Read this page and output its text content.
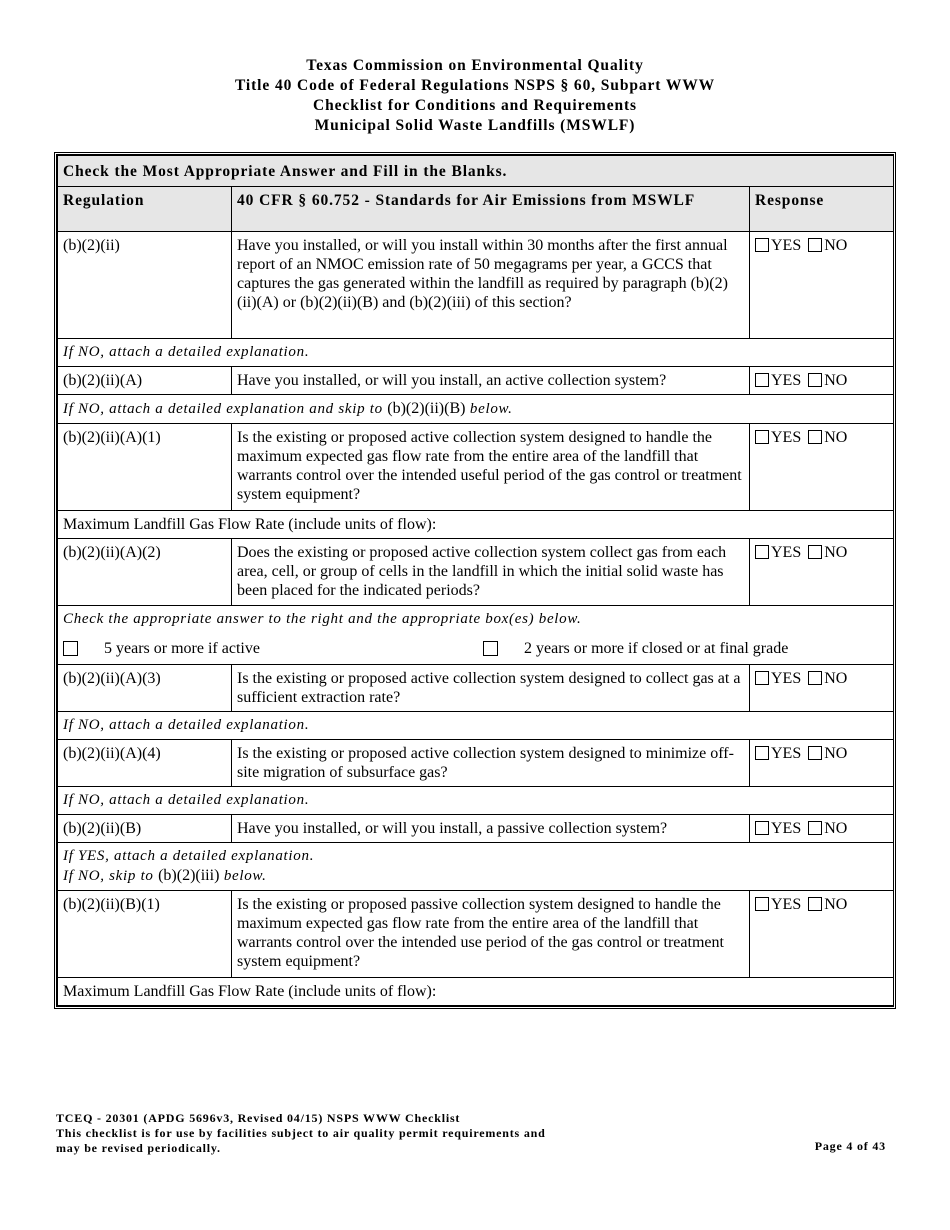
Texas Commission on Environmental Quality
Title 40 Code of Federal Regulations NSPS § 60, Subpart WWW
Checklist for Conditions and Requirements
Municipal Solid Waste Landfills (MSWLF)
Check the Most Appropriate Answer and Fill in the Blanks.		
Regulation	40 CFR § 60.752 - Standards for Air Emissions from MSWLF	Response
(b)(2)(ii)	Have you installed, or will you install within 30 months after the first annual report of an NMOC emission rate of 50 megagrams per year, a GCCS that captures the gas generated within the landfill as required by paragraph (b)(2)(ii)(A) or (b)(2)(ii)(B) and (b)(2)(iii) of this section?	YES NO
If NO, attach a detailed explanation.		
(b)(2)(ii)(A)	Have you installed, or will you install, an active collection system?	YES NO
If NO, attach a detailed explanation and skip to (b)(2)(ii)(B) below.		
(b)(2)(ii)(A)(1)	Is the existing or proposed active collection system designed to handle the maximum expected gas flow rate from the entire area of the landfill that warrants control over the intended useful period of the gas control or treatment system equipment?	YES NO
Maximum Landfill Gas Flow Rate (include units of flow):		
(b)(2)(ii)(A)(2)	Does the existing or proposed active collection system collect gas from each area, cell, or group of cells in the landfill in which the initial solid waste has been placed for the indicated periods?	YES NO

Check the appropriate answer to the right and the appropriate box(es) below.
5 years or more if active 2 years or more if closed or at final grade		

(b)(2)(ii)(A)(3)	Is the existing or proposed active collection system designed to collect gas at a sufficient extraction rate?	YES NO
If NO, attach a detailed explanation.		
(b)(2)(ii)(A)(4)	Is the existing or proposed active collection system designed to minimize off-site migration of subsurface gas?	YES NO
If NO, attach a detailed explanation.		
(b)(2)(ii)(B)	Have you installed, or will you install, a passive collection system?	YES NO

If YES, attach a detailed explanation.
If NO, skip to (b)(2)(iii) below.		

(b)(2)(ii)(B)(1)	Is the existing or proposed passive collection system designed to handle the maximum expected gas flow rate from the entire area of the landfill that warrants control over the intended use period of the gas control or treatment system equipment?	YES NO
Maximum Landfill Gas Flow Rate (include units of flow):		
TCEQ - 20301 (APDG 5696v3, Revised 04/15) NSPS WWW Checklist
This checklist is for use by facilities subject to air quality permit requirements and
may be revised periodically.	Page 4 of 43
